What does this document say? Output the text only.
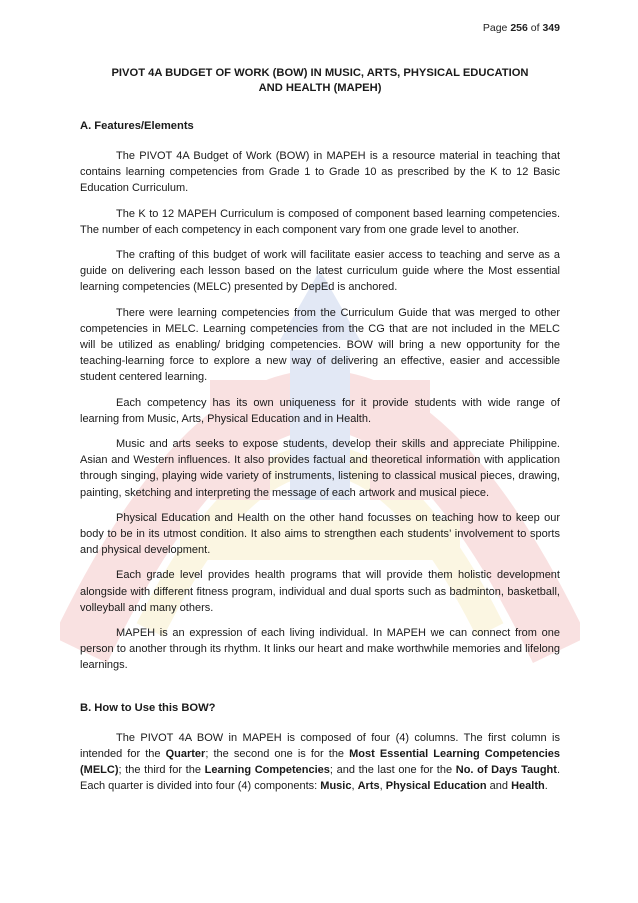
Page 256 of 349

PIVOT 4A BUDGET OF WORK (BOW) IN MUSIC, ARTS, PHYSICAL EDUCATION AND HEALTH (MAPEH)

A. Features/Elements

The PIVOT 4A Budget of Work (BOW) in MAPEH is a resource material in teaching that contains learning competencies from Grade 1 to Grade 10 as prescribed by the K to 12 Basic Education Curriculum.

The K to 12 MAPEH Curriculum is composed of component based learning competencies. The number of each competency in each component vary from one grade level to another.

The crafting of this budget of work will facilitate easier access to teaching and serve as a guide on delivering each lesson based on the latest curriculum guide where the Most essential learning competencies (MELC) presented by DepEd is anchored.

There were learning competencies from the Curriculum Guide that was merged to other competencies in MELC. Learning competencies from the CG that are not included in the MELC will be utilized as enabling/ bridging competencies. BOW will bring a new opportunity for the teaching-learning force to explore a new way of delivering an effective, easier and accessible student centered learning.

Each competency has its own uniqueness for it provide students with wide range of learning from Music, Arts, Physical Education and in Health.

Music and arts seeks to expose students, develop their skills and appreciate Philippine. Asian and Western influences. It also provides factual and theoretical information with application through singing, playing wide variety of instruments, listening to classical musical pieces, drawing, painting, sketching and interpreting the message of each artwork and musical piece.

Physical Education and Health on the other hand focusses on teaching how to keep our body to be in its utmost condition. It also aims to strengthen each students’ involvement to sports and physical development.

Each grade level provides health programs that will provide them holistic development alongside with different fitness program, individual and dual sports such as badminton, basketball, volleyball and many others.

MAPEH is an expression of each living individual. In MAPEH we can connect from one person to another through its rhythm. It links our heart and make worthwhile memories and lifelong learnings.

B. How to Use this BOW?

The PIVOT 4A BOW in MAPEH is composed of four (4) columns. The first column is intended for the Quarter; the second one is for the Most Essential Learning Competencies (MELC); the third for the Learning Competencies; and the last one for the No. of Days Taught. Each quarter is divided into four (4) components: Music, Arts, Physical Education and Health.
